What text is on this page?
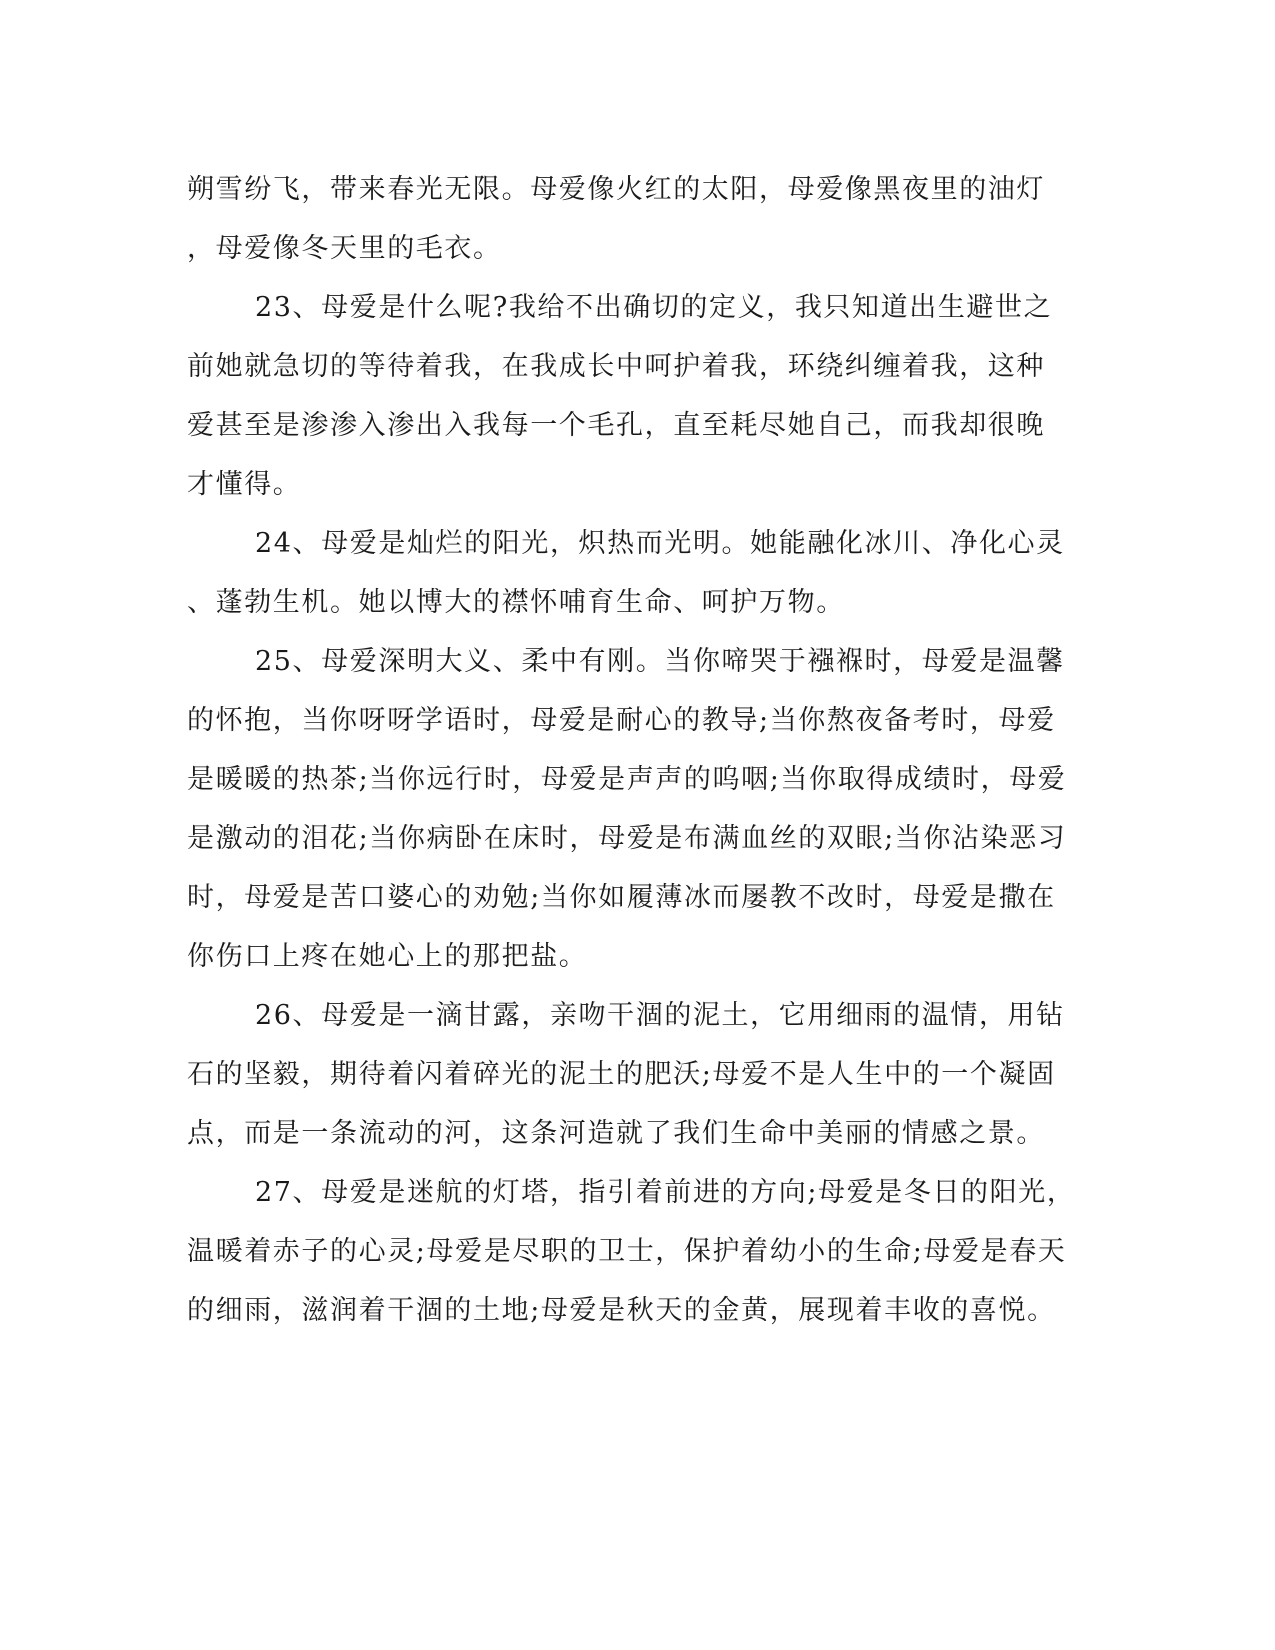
朔雪纷飞，带来春光无限。母爱像火红的太阳，母爱像黑夜里的油灯
，母爱像冬天里的毛衣。

23、母爱是什么呢?我给不出确切的定义，我只知道出生避世之
前她就急切的等待着我，在我成长中呵护着我，环绕纠缠着我，这种
爱甚至是渗渗入渗出入我每一个毛孔，直至耗尽她自己，而我却很晚
才懂得。

24、母爱是灿烂的阳光，炽热而光明。她能融化冰川、净化心灵
、蓬勃生机。她以博大的襟怀哺育生命、呵护万物。

25、母爱深明大义、柔中有刚。当你啼哭于襁褓时，母爱是温馨
的怀抱，当你呀呀学语时，母爱是耐心的教导;当你熬夜备考时，母爱
是暖暖的热茶;当你远行时，母爱是声声的呜咽;当你取得成绩时，母爱
是激动的泪花;当你病卧在床时，母爱是布满血丝的双眼;当你沾染恶习
时，母爱是苦口婆心的劝勉;当你如履薄冰而屡教不改时，母爱是撒在
你伤口上疼在她心上的那把盐。

26、母爱是一滴甘露，亲吻干涸的泥土，它用细雨的温情，用钻
石的坚毅，期待着闪着碎光的泥土的肥沃;母爱不是人生中的一个凝固
点，而是一条流动的河，这条河造就了我们生命中美丽的情感之景。

27、母爱是迷航的灯塔，指引着前进的方向;母爱是冬日的阳光，
温暖着赤子的心灵;母爱是尽职的卫士，保护着幼小的生命;母爱是春天
的细雨，滋润着干涸的土地;母爱是秋天的金黄，展现着丰收的喜悦。
